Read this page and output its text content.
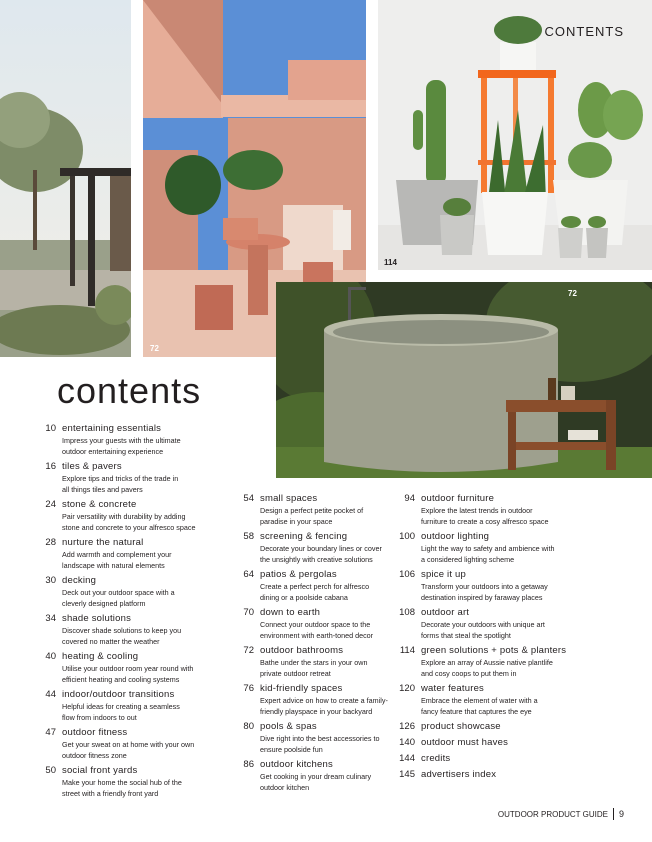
72
114
CONTENTS
72
contents
10 entertaining essentials
Impress your guests with the ultimate
outdoor entertaining experience
16 tiles & pavers
Explore tips and tricks of the trade in
all things tiles and pavers
24 stone & concrete
Pair versatility with durability by adding
stone and concrete to your alfresco space
28 nurture the natural
Add warmth and complement your
landscape with natural elements
30 decking
Deck out your outdoor space with a
cleverly designed platform
34 shade solutions
Discover shade solutions to keep you
covered no matter the weather
40 heating & cooling
Utilise your outdoor room year round with
efficient heating and cooling systems
44 indoor/outdoor transitions
Helpful ideas for creating a seamless
flow from indoors to out
47 outdoor fitness
Get your sweat on at home with your own
outdoor fitness zone
50 social front yards
Make your home the social hub of the
street with a friendly front yard
54 small spaces
Design a perfect petite pocket of
paradise in your space
58 screening & fencing
Decorate your boundary lines or cover
the unsightly with creative solutions
64 patios & pergolas
Create a perfect perch for alfresco
dining or a poolside cabana
70 down to earth
Connect your outdoor space to the
environment with earth-toned decor
72 outdoor bathrooms
Bathe under the stars in your own
private outdoor retreat
76 kid-friendly spaces
Expert advice on how to create a family-
friendly playspace in your backyard
80 pools & spas
Dive right into the best accessories to
ensure poolside fun
86 outdoor kitchens
Get cooking in your dream culinary
outdoor kitchen
94 outdoor furniture
Explore the latest trends in outdoor
furniture to create a cosy alfresco space
100 outdoor lighting
Light the way to safety and ambience with
a considered lighting scheme
106 spice it up
Transform your outdoors into a getaway
destination inspired by faraway places
108 outdoor art
Decorate your outdoors with unique art
forms that steal the spotlight
114 green solutions + pots & planters
Explore an array of Aussie native plantlife
and cosy coops to put them in
120 water features
Embrace the element of water with a
fancy feature that captures the eye
126 product showcase
140 outdoor must haves
144 credits
145 advertisers index
OUTDOOR PRODUCT GUIDE 9
